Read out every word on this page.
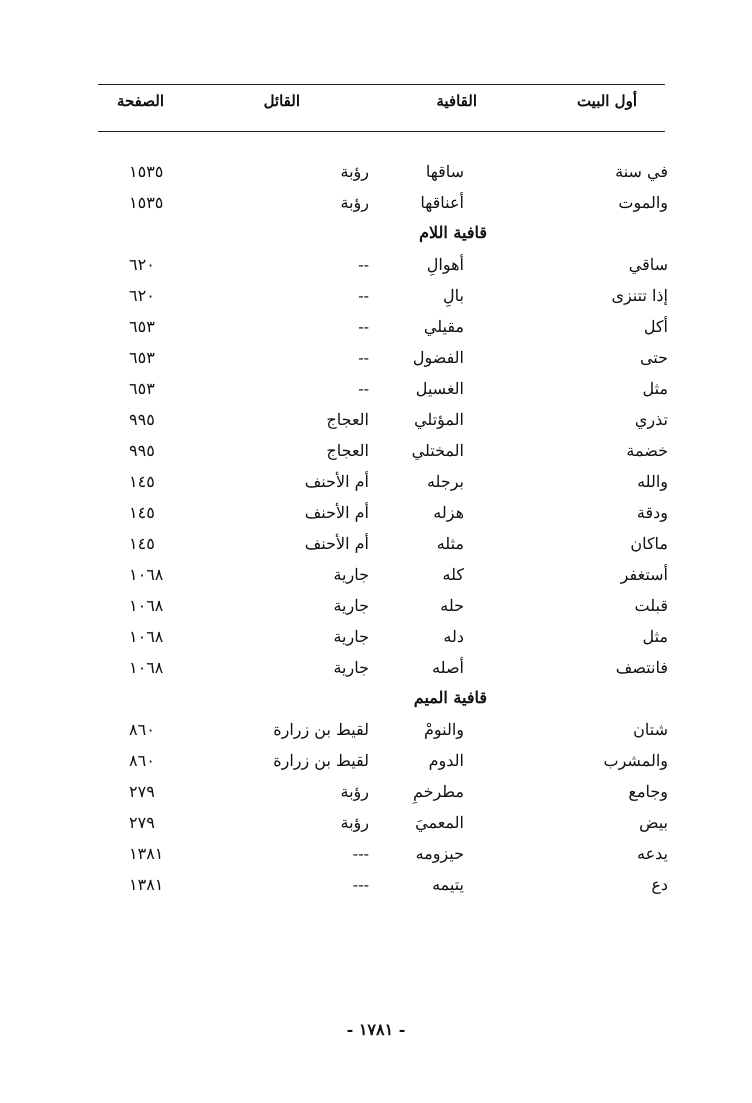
أول البيت
القافية
القائل
الصفحة
في سنة
ساقها
رؤبة
١٥٣٥
والموت
أعناقها
رؤبة
١٥٣٥
قافية اللام
ساقي
أهوالِ
--
٦٢٠
إذا تتنزى
بالِ
--
٦٢٠
أكل
مقيلي
--
٦٥٣
حتى
الفضول
--
٦٥٣
مثل
الغسيل
--
٦٥٣
تذري
المؤتلي
العجاج
٩٩٥
خضمة
المختلي
العجاج
٩٩٥
والله
برجله
أم الأحنف
١٤٥
ودقة
هزله
أم الأحنف
١٤٥
ماكان
مثله
أم الأحنف
١٤٥
أستغفر
كله
جارية
١٠٦٨
قبلت
حله
جارية
١٠٦٨
مثل
دله
جارية
١٠٦٨
فانتصف
أصله
جارية
١٠٦٨
قافية الميم
شتان
والنومْ
لقيط بن زرارة
٨٦٠
والمشرب
الدوم
لقيط بن زرارة
٨٦٠
وجامع
مطرخمِ
رؤبة
٢٧٩
بيض
المعميَ
رؤبة
٢٧٩
يدعه
حيزومه
---
١٣٨١
دع
يتيمه
---
١٣٨١
- ١٧٨١ -
